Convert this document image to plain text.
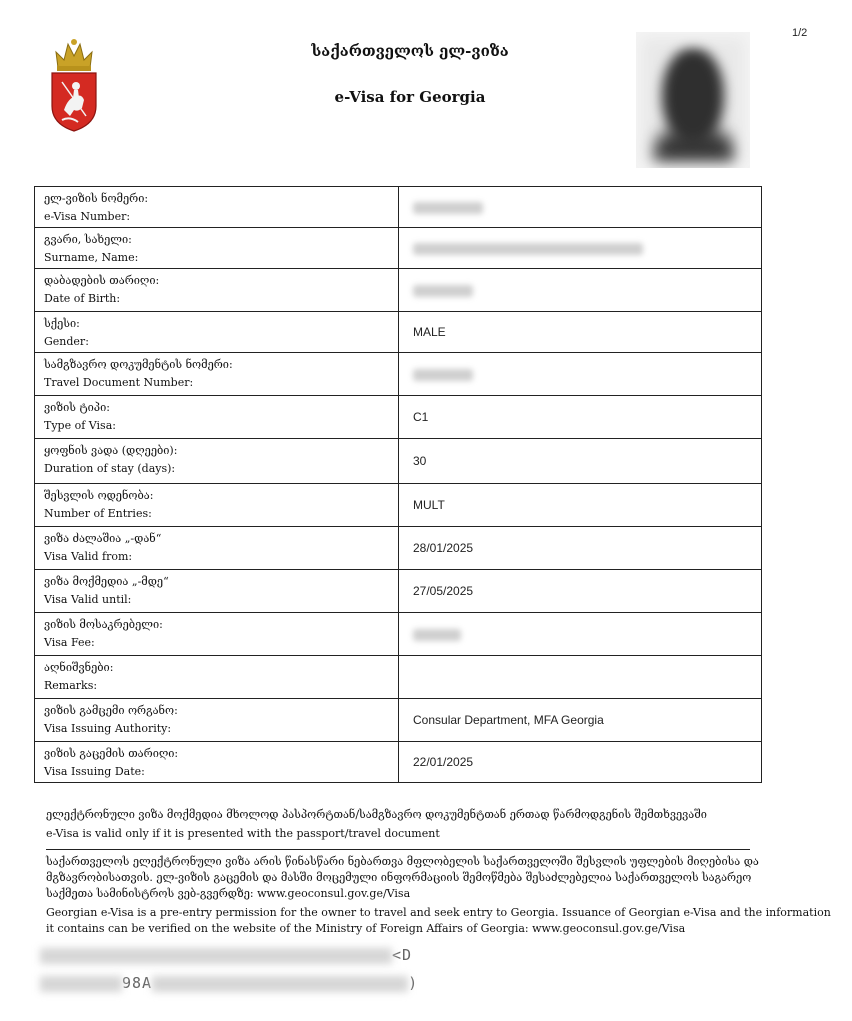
1/2
საქართველოს ელ-ვიზა
e-Visa for Georgia
ელ-ვიზის ნომერი:
e-Visa Number:	

გვარი, სახელი:
Surname, Name:	

დაბადების თარიღი:
Date of Birth:	

სქესი:
Gender:	MALE

სამგზავრო დოკუმენტის ნომერი:
Travel Document Number:	

ვიზის ტიპი:
Type of Visa:	C1

ყოფნის ვადა (დღეები):
Duration of stay (days):	30

შესვლის ოდენობა:
Number of Entries:	MULT

ვიზა ძალაშია „-დან“
Visa Valid from:	28/01/2025

ვიზა მოქმედია „-მდე“
Visa Valid until:	27/05/2025

ვიზის მოსაკრებელი:
Visa Fee:	

აღნიშვნები:
Remarks:	

ვიზის გამცემი ორგანო:
Visa Issuing Authority:	Consular Department, MFA Georgia

ვიზის გაცემის თარიღი:
Visa Issuing Date:	22/01/2025
ელექტრონული ვიზა მოქმედია მხოლოდ პასპორტთან/სამგზავრო დოკუმენტთან ერთად წარმოდგენის შემთხვევაში
e-Visa is valid only if it is presented with the passport/travel document
საქართველოს ელექტრონული ვიზა არის წინასწარი ნებართვა მფლობელის საქართველოში შესვლის უფლების მიღებისა და
მგზავრობისათვის. ელ-ვიზის გაცემის და მასში მოცემული ინფორმაციის შემოწმება შესაძლებელია საქართველოს საგარეო
საქმეთა სამინისტროს ვებ-გვერდზე: www.geoconsul.gov.ge/Visa
Georgian e-Visa is a pre-entry permission for the owner to travel and seek entry to Georgia. Issuance of Georgian e-Visa and the information
it contains can be verified on the website of the Ministry of Foreign Affairs of Georgia: www.geoconsul.gov.ge/Visa
<D
98A	)
